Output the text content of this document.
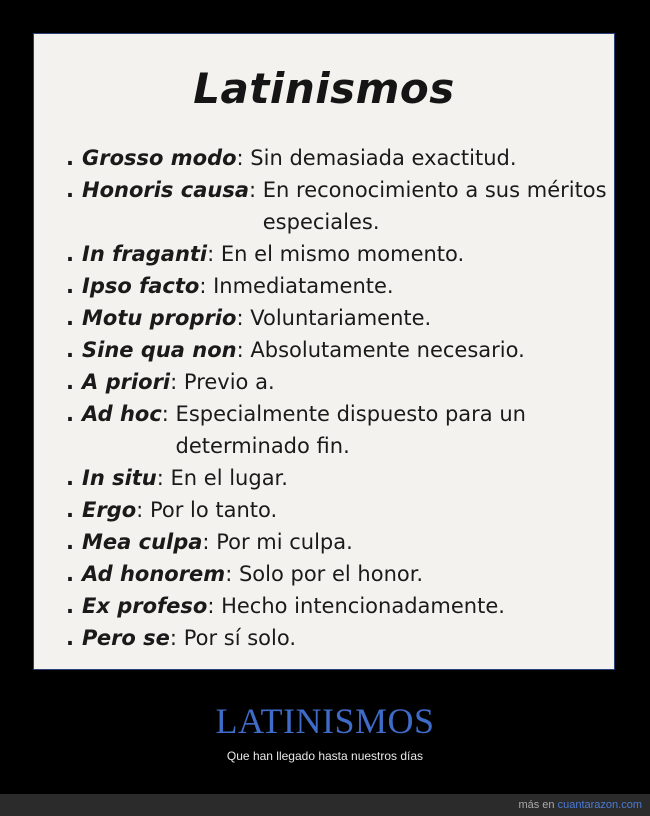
Latinismos
. Grosso modo : Sin demasiada exactitud.
. Honoris causa : En reconocimiento a sus méritos especiales.
. In fraganti : En el mismo momento.
. Ipso facto : Inmediatamente.
. Motu proprio : Voluntariamente.
. Sine qua non : Absolutamente necesario.
. A priori : Previo a.
. Ad hoc : Especialmente dispuesto para un determinado fin.
. In situ : En el lugar.
. Ergo : Por lo tanto.
. Mea culpa : Por mi culpa.
. Ad honorem : Solo por el honor.
. Ex profeso : Hecho intencionadamente.
. Pero se : Por sí solo.
LATINISMOS
Que han llegado hasta nuestros días
más en cuantarazon.com
